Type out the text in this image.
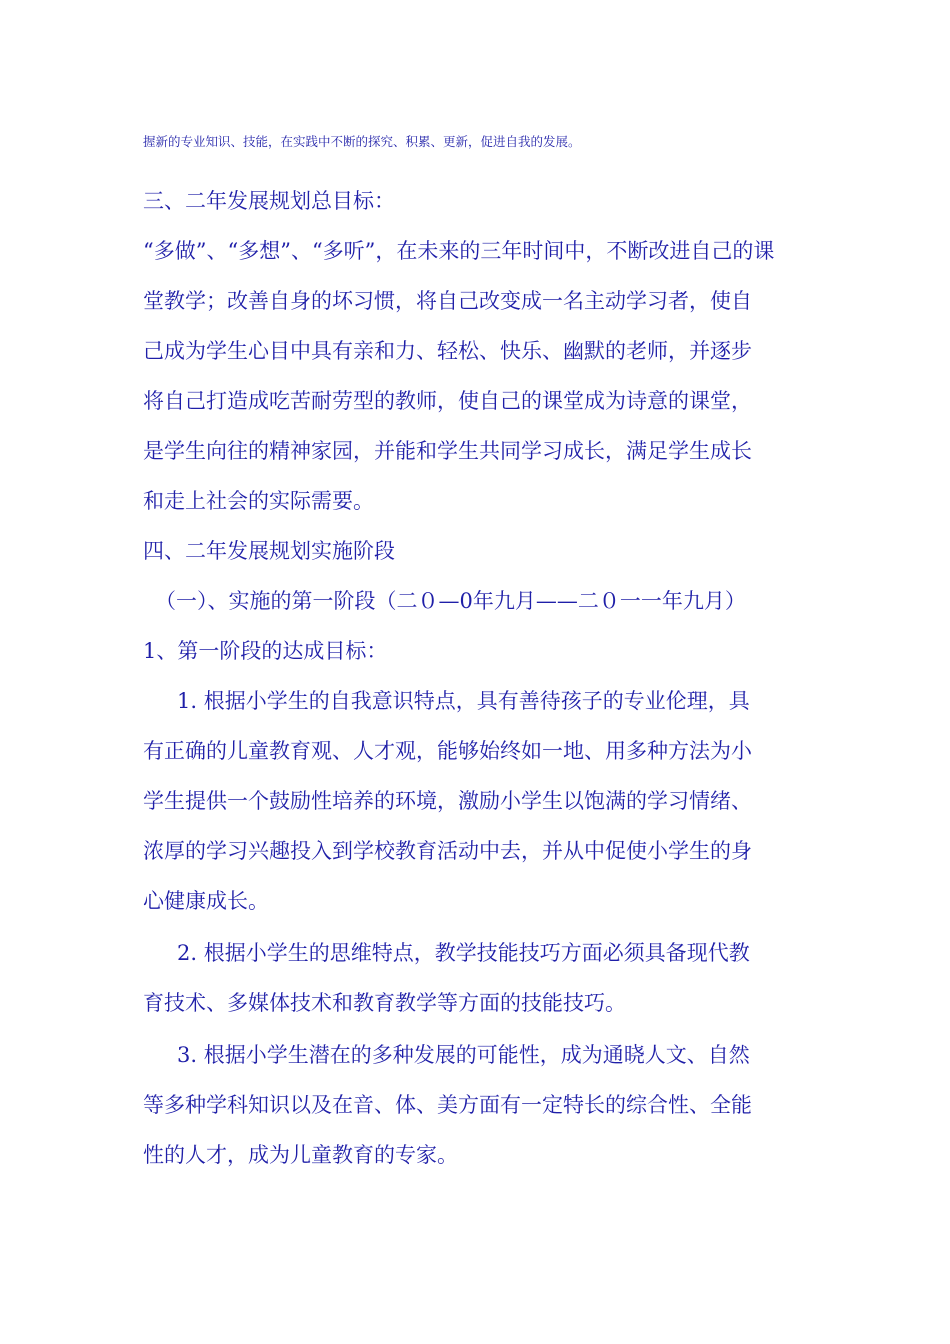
握新的专业知识、技能，在实践中不断的探究、积累、更新，促进自我的发展。

三、二年发展规划总目标：

“多做”、“多想”、“多听”，在未来的三年时间中，不断改进自己的课

堂教学；改善自身的坏习惯，将自己改变成一名主动学习者，使自

己成为学生心目中具有亲和力、轻松、快乐、幽默的老师，并逐步

将自己打造成吃苦耐劳型的教师，使自己的课堂成为诗意的课堂，

是学生向往的精神家园，并能和学生共同学习成长，满足学生成长

和走上社会的实际需要。

四、二年发展规划实施阶段

（一）、实施的第一阶段（二０—0年九月——二０一一年九月）

1、第一阶段的达成目标：

1. 根据小学生的自我意识特点，具有善待孩子的专业伦理，具

有正确的儿童教育观、人才观，能够始终如一地、用多种方法为小

学生提供一个鼓励性培养的环境，激励小学生以饱满的学习情绪、

浓厚的学习兴趣投入到学校教育活动中去，并从中促使小学生的身

心健康成长。

2. 根据小学生的思维特点，教学技能技巧方面必须具备现代教

育技术、多媒体技术和教育教学等方面的技能技巧。

3. 根据小学生潜在的多种发展的可能性，成为通晓人文、自然

等多种学科知识以及在音、体、美方面有一定特长的综合性、全能

性的人才，成为儿童教育的专家。
